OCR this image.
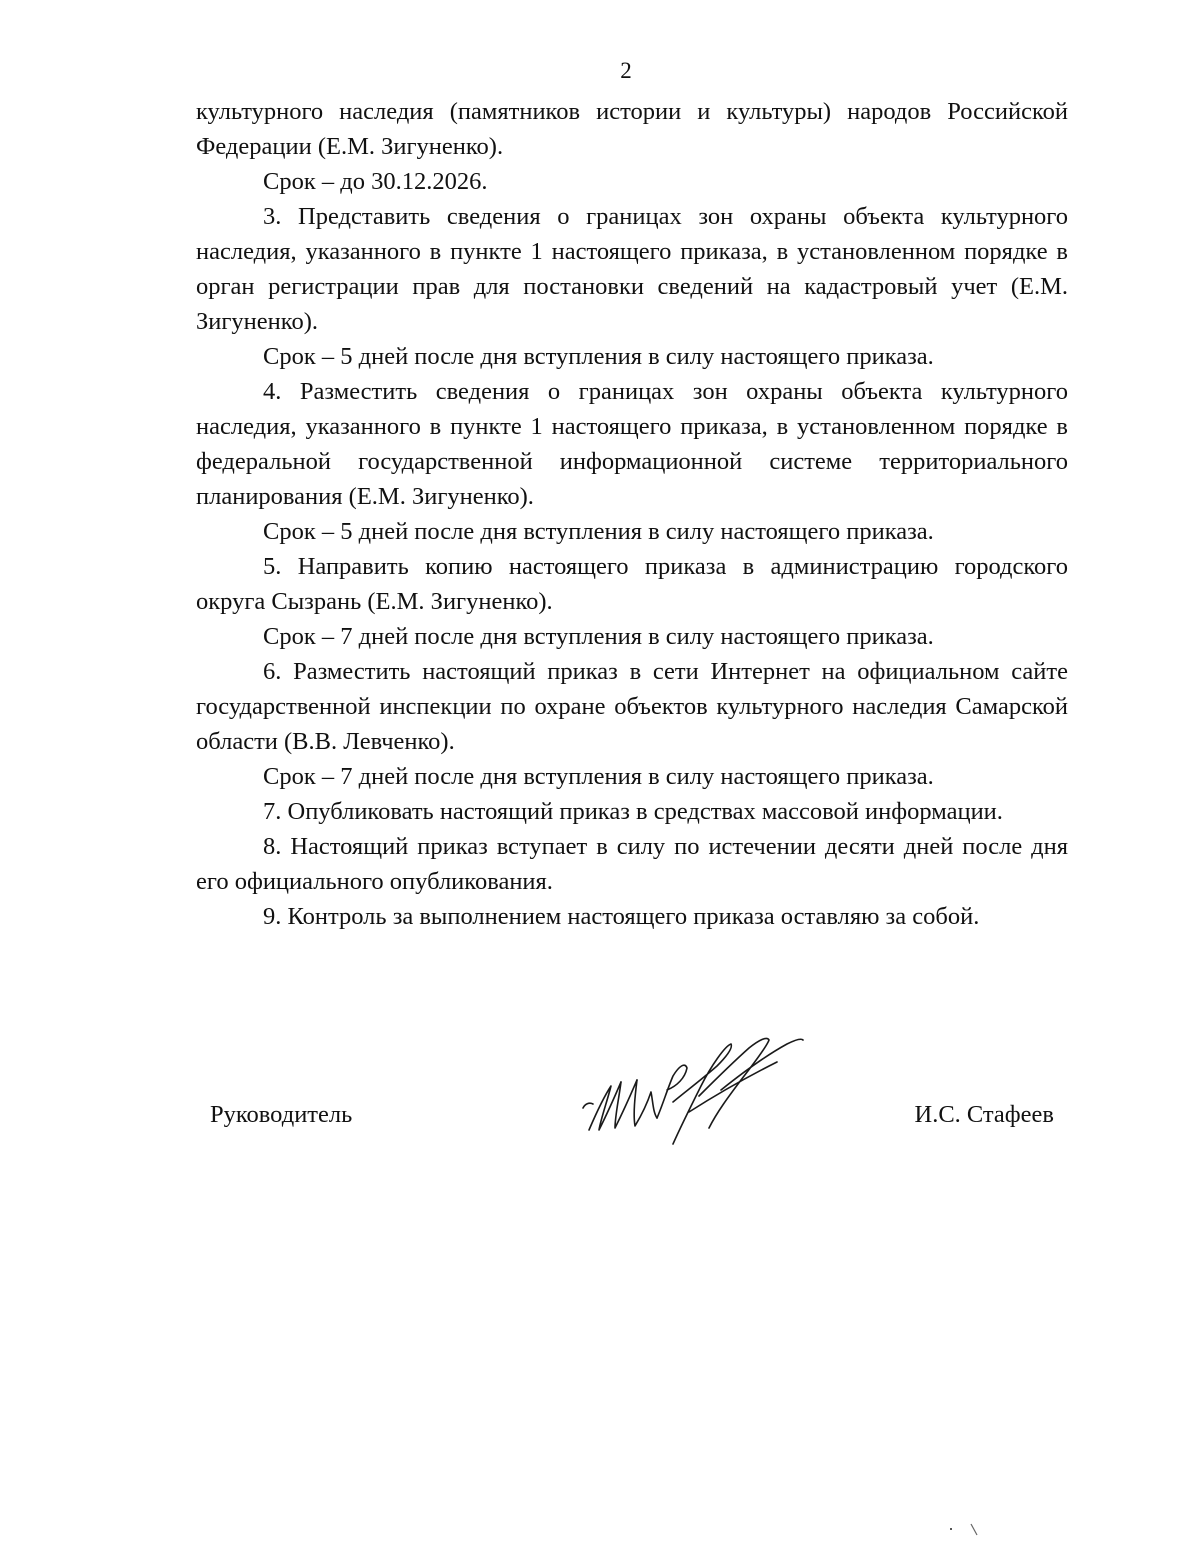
2

культурного наследия (памятников истории и культуры) народов Российской Федерации (Е.М. Зигуненко).

Срок – до 30.12.2026.

3. Представить сведения о границах зон охраны объекта культурного наследия, указанного в пункте 1 настоящего приказа, в установленном порядке в орган регистрации прав для постановки сведений на кадастровый учет (Е.М. Зигуненко).

Срок – 5 дней после дня вступления в силу настоящего приказа.

4. Разместить сведения о границах зон охраны объекта культурного наследия, указанного в пункте 1 настоящего приказа, в установленном порядке в федеральной государственной информационной системе территориального планирования (Е.М. Зигуненко).

Срок – 5 дней после дня вступления в силу настоящего приказа.

5. Направить копию настоящего приказа в администрацию городского округа Сызрань (Е.М. Зигуненко).

Срок – 7 дней после дня вступления в силу настоящего приказа.

6. Разместить настоящий приказ в сети Интернет на официальном сайте государственной инспекции по охране объектов культурного наследия Самарской области (В.В. Левченко).

Срок – 7 дней после дня вступления в силу настоящего приказа.

7. Опубликовать настоящий приказ в средствах массовой информации.

8. Настоящий приказ вступает в силу по истечении десяти дней после дня его официального опубликования.

9. Контроль за выполнением настоящего приказа оставляю за собой.

Руководитель	И.С. Стафеев
